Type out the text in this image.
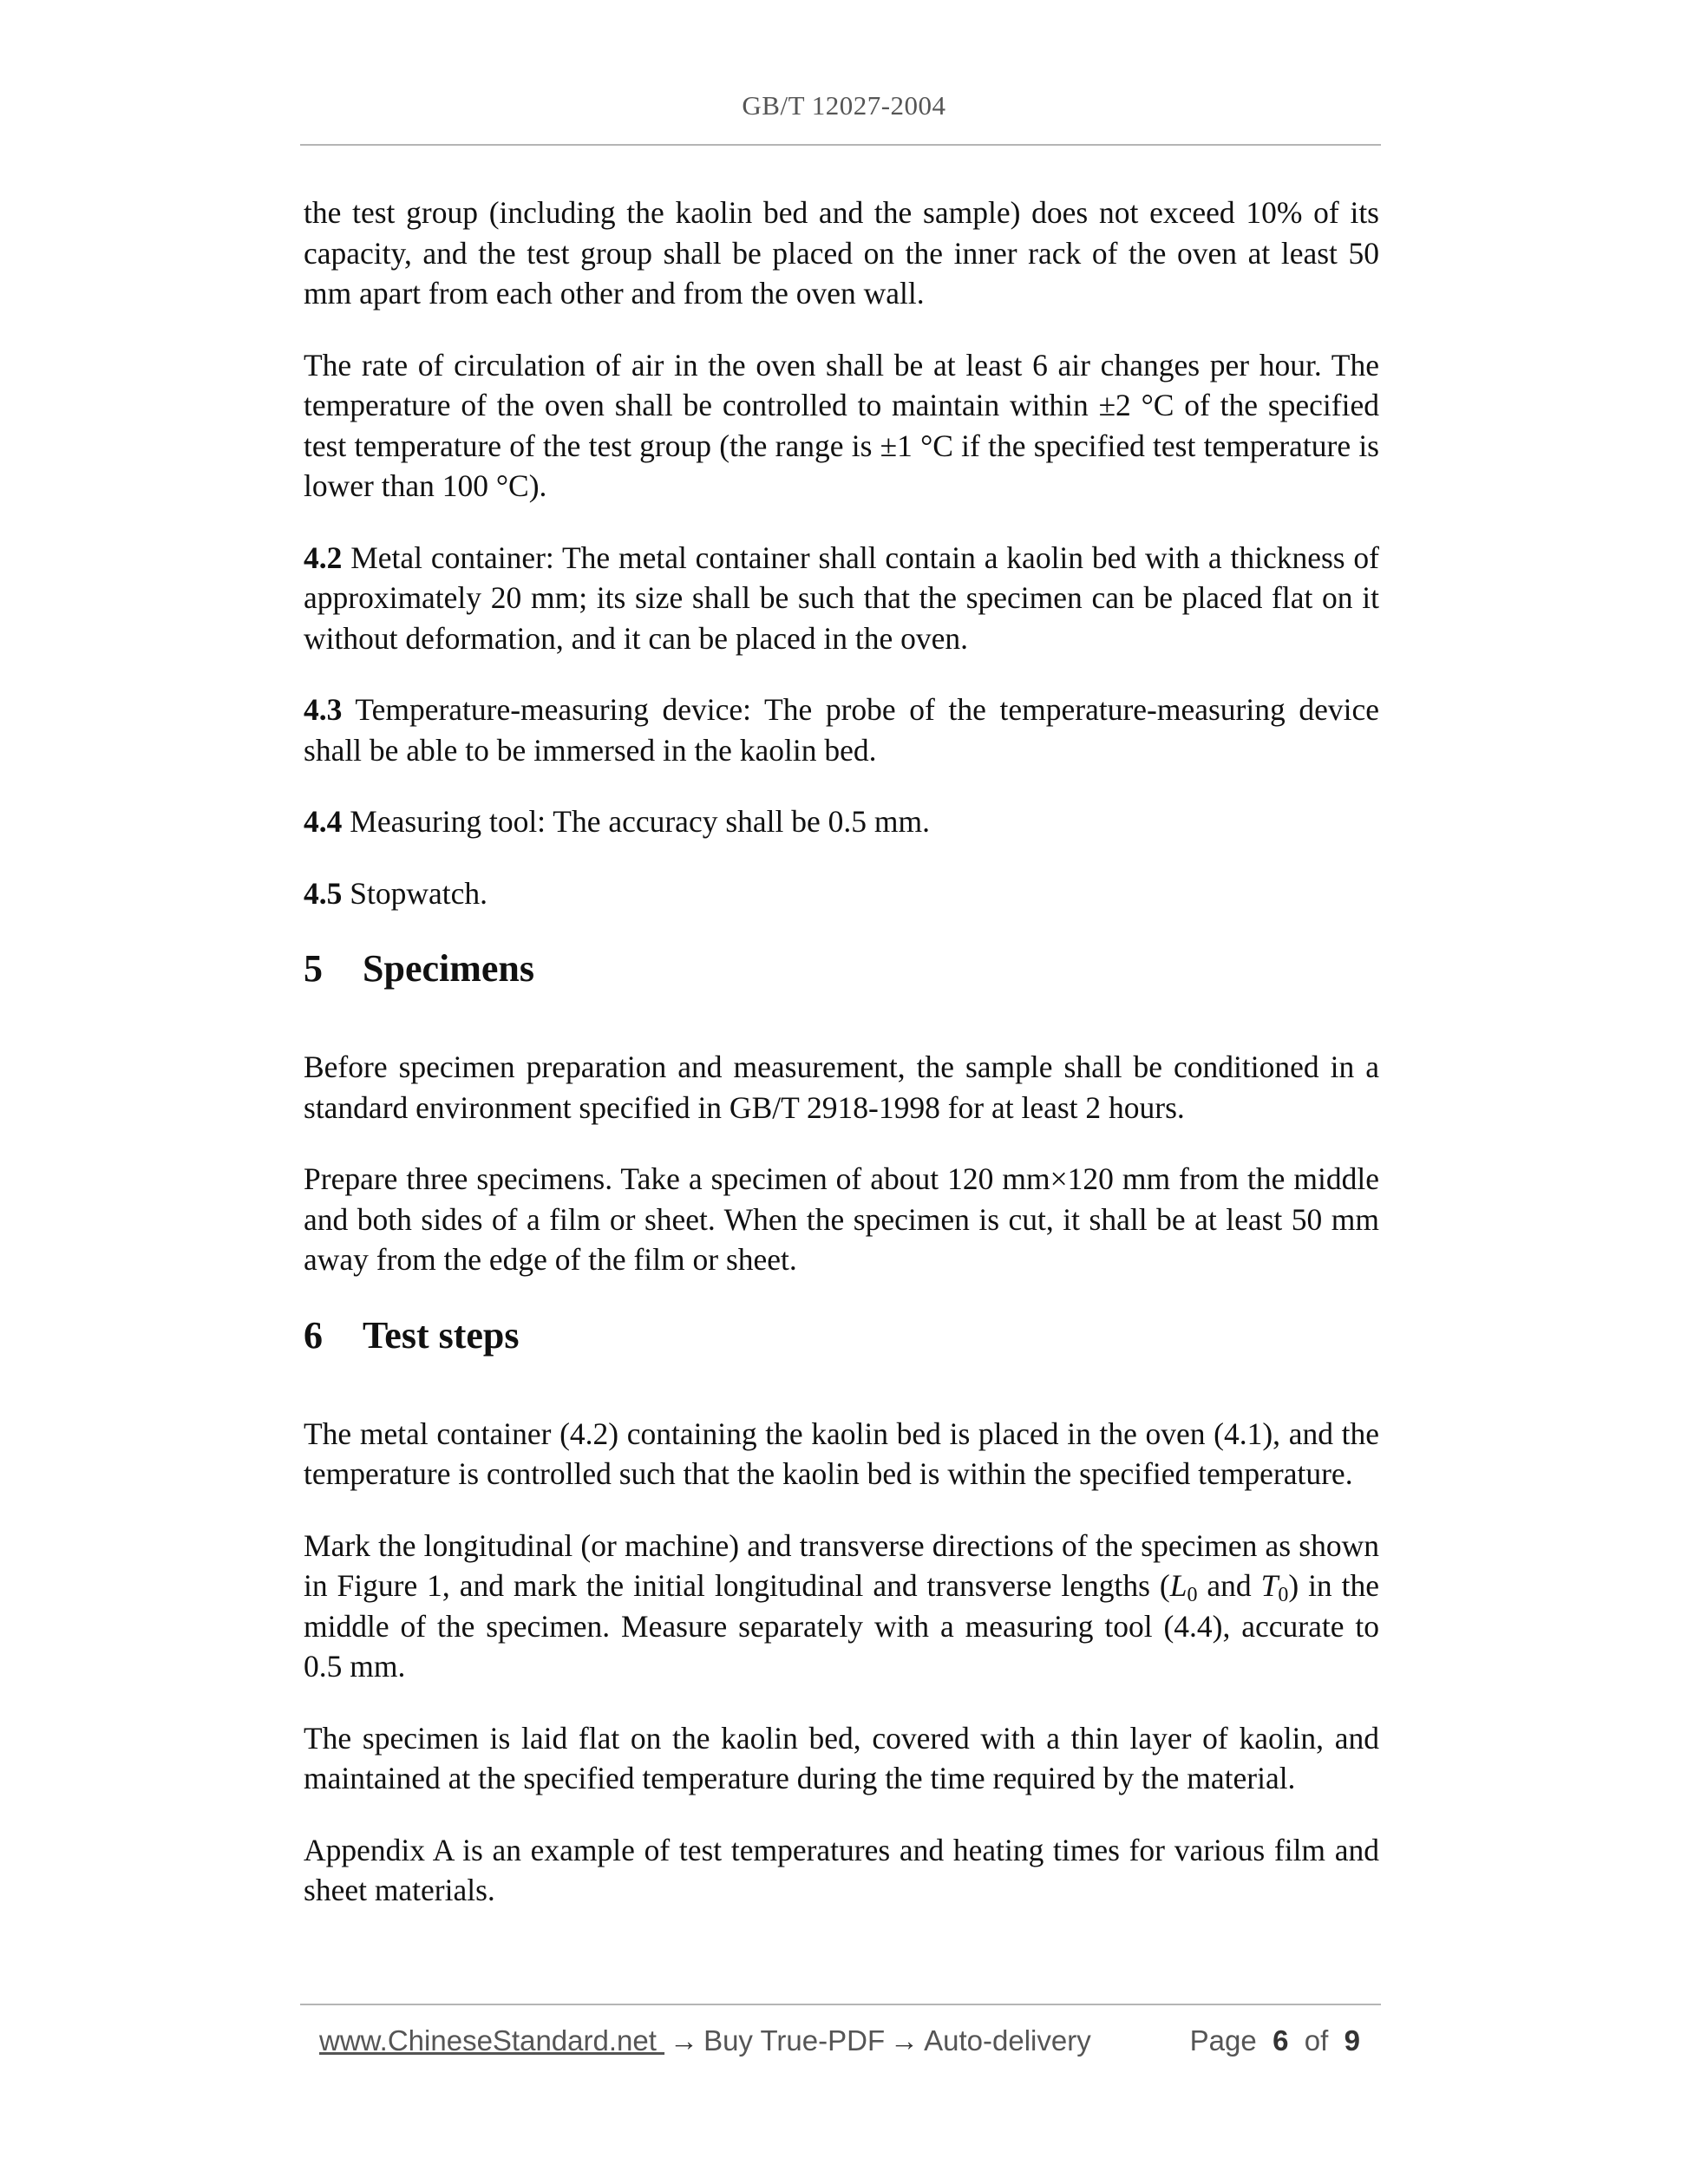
GB/T 12027-2004

the test group (including the kaolin bed and the sample) does not exceed 10% of its capacity, and the test group shall be placed on the inner rack of the oven at least 50 mm apart from each other and from the oven wall.

The rate of circulation of air in the oven shall be at least 6 air changes per hour. The temperature of the oven shall be controlled to maintain within ±2 °C of the specified test temperature of the test group (the range is ±1 °C if the specified test temperature is lower than 100 °C).

4.2 Metal container: The metal container shall contain a kaolin bed with a thickness of approximately 20 mm; its size shall be such that the specimen can be placed flat on it without deformation, and it can be placed in the oven.

4.3 Temperature-measuring device: The probe of the temperature-measuring device shall be able to be immersed in the kaolin bed.

4.4 Measuring tool: The accuracy shall be 0.5 mm.

4.5 Stopwatch.

5 Specimens

Before specimen preparation and measurement, the sample shall be conditioned in a standard environment specified in GB/T 2918-1998 for at least 2 hours.

Prepare three specimens. Take a specimen of about 120 mm×120 mm from the middle and both sides of a film or sheet. When the specimen is cut, it shall be at least 50 mm away from the edge of the film or sheet.

6 Test steps

The metal container (4.2) containing the kaolin bed is placed in the oven (4.1), and the temperature is controlled such that the kaolin bed is within the specified temperature.

Mark the longitudinal (or machine) and transverse directions of the specimen as shown in Figure 1, and mark the initial longitudinal and transverse lengths ($L_0$ and $T_0$) in the middle of the specimen. Measure separately with a measuring tool (4.4), accurate to 0.5 mm.

The specimen is laid flat on the kaolin bed, covered with a thin layer of kaolin, and maintained at the specified temperature during the time required by the material.

Appendix A is an example of test temperatures and heating times for various film and sheet materials.

www.ChineseStandard.net → Buy True-PDF → Auto-delivery	Page 6 of 9
